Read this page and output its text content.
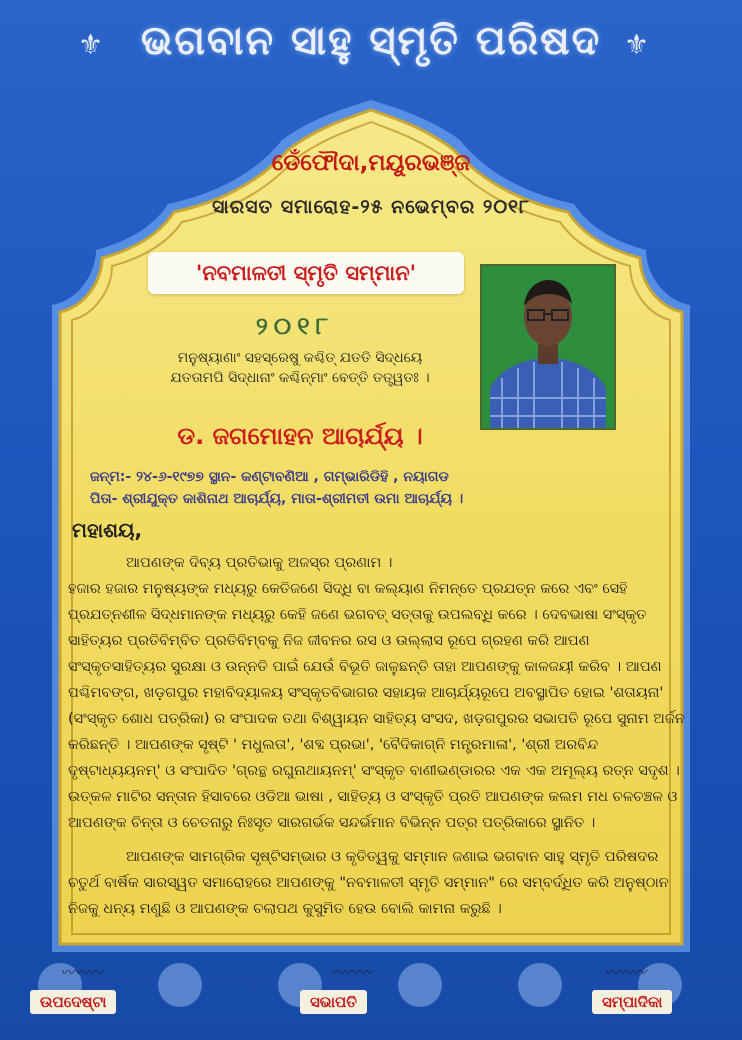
⚜	⚜
ଭଗବାନ ସାହୁ ସ୍ମୃତି ପରିଷଦ
ଡେଁଫୌଦା,ମୟୂରଭଞ୍ଜ
ସାରସତ ସମାରୋହ-୨୫ ନଭେମ୍ବର ୨୦୧୮
'ନବମାଳତୀ ସ୍ମୃତି ସମ୍ମାନ'
୨୦୧୮
ମନୁଷ୍ୟାଣାଂ ସହସ୍ରେଷୁ କଶ୍ଚିତ୍ ଯତତି ସିଦ୍ଧୟେ
ଯତତାମପି ସିଦ୍ଧାନାଂ କଶ୍ଚିନ୍ମାଂ ବେତ୍ତି ତତ୍ତ୍ୱତଃ ।
ଡ. ଜଗମୋହନ ଆଚାର୍ଯ୍ୟ ।
ଜନ୍ମ:- ୨୪-୬-୧୯୭୭ ସ୍ଥାନ- କଣ୍ଟାବଣିଆ , ଗମ୍ଭାରିଡିହି , ନୟାଗଡ
ପିତା- ଶ୍ରୀଯୁକ୍ତ କାଶିନାଥ ଆଚାର୍ଯ୍ୟ, ମାତା-ଶ୍ରୀମତୀ ଉମା ଆଚାର୍ଯ୍ୟ ।
ମହାଶୟ,

ଆପଣଙ୍କ ଦିବ୍ୟ ପ୍ରତିଭାକୁ ଅଜସ୍ର ପ୍ରଣାମ ।

ହଜାର ହଜାର ମନୁଷ୍ୟଙ୍କ ମଧ୍ୟରୁ କେତିଜଣେ ସିଦ୍ଧି ବା କଲ୍ୟାଣ ନିମନ୍ତେ ପ୍ରଯତ୍ନ କରେ ଏବଂ ସେହି ପ୍ରଯତ୍ନଶୀଳ ସିଦ୍ଧମାନଙ୍କ ମଧ୍ୟରୁ କେହି ଜଣେ ଭଗବତ୍ ସତ୍ତାକୁ ଉପଲବ୍ଧି କରେ । ଦେବଭାଷା ସଂସ୍କୃତ ସାହିତ୍ୟର ପ୍ରତିବିମ୍ବିତ ପ୍ରତିବିମ୍ବକୁ ନିଜ ଜୀବନର ରସ ଓ ଉଲ୍ଲାସ ରୂପେ ଗ୍ରହଣ କରି ଆପଣ ସଂସ୍କୃତସାହିତ୍ୟର ସୁରକ୍ଷା ଓ ଉନ୍ନତି ପାଇଁ ଯେଉଁ ବିଭୂତି ଜାଳୁଛନ୍ତି ତାହା ଆପଣଙ୍କୁ କାଳଜୟୀ କରିବ । ଆପଣ ପଶ୍ଚିମବଙ୍ଗ, ଖଡ଼ଗପୁର ମହାବିଦ୍ୟାଳୟ ସଂସ୍କୃତବିଭାଗର ସହାୟକ ଆଚାର୍ଯ୍ୟରୂପେ ଅବସ୍ଥାପିତ ହୋଇ 'ଶତାୟନା' (ସଂସ୍କୃତ ଶୋଧ ପତ୍ରିକା) ର ସଂପାଦକ ତଥା ବିଶ୍ୱାୟନ ସାହିତ୍ୟ ସଂସଦ, ଖଡ଼ଗପୁରର ସଭାପତି ରୂପେ ସୁନାମ ଅର୍ଜନ କରିଛନ୍ତି । ଆପଣଙ୍କ ସୃଷ୍ଟି ' ମଧୁଲତା', 'ଶବ୍ଦ ପ୍ରଭା', 'ବୈଦିକାଗ୍ନି ମନ୍ତ୍ରମାଳା', 'ଶ୍ରୀ ଅରବିନ୍ଦ ଦୃଷ୍ଟାଧ୍ୟୟନମ୍' ଓ ସଂପାଦିତ 'ଗ୍ରନ୍ଥ ରଘୁନାଥାୟନମ୍' ସଂସ୍କୃତ ବାଣୀଭଣ୍ଡାରର ଏକ ଏକ ଅମୂଲ୍ୟ ରତ୍ନ ସଦୃଶ । ଉତ୍କଳ ମାଟିର ସନ୍ତାନ ହିସାବରେ ଓଡିଆ ଭାଷା , ସାହିତ୍ୟ ଓ ସଂସ୍କୃତି ପ୍ରତି ଆପଣଙ୍କ କଲମ ମଧ ଚଳଚଞ୍ଚଳ ଓ ଆପଣଙ୍କ ଚିନ୍ତା ଓ ଚେତନାରୁ ନିଃସୃତ ସାରଗର୍ଭକ ସନ୍ଦର୍ଭମାନ ବିଭିନ୍ନ ପତ୍ର ପତ୍ରିକାରେ ସ୍ଥାନିତ ।

ଆପଣଙ୍କ ସାମଗ୍ରିକ ସୃଷ୍ଟିସମ୍ଭାର ଓ କୃତିତ୍ୱକୁ ସମ୍ମାନ ଜଣାଇ ଭଗବାନ ସାହୁ ସ୍ମୃତି ପରିଷଦର ଚତୁର୍ଥ ବାର୍ଷିକ ସାରସ୍ୱତ ସମାରୋହରେ ଆପଣଙ୍କୁ "ନବମାଳତୀ ସ୍ମୃତି ସମ୍ମାନ" ରେ ସମ୍ବର୍ଦ୍ଧିତ କରି ଅନୁଷ୍ଠାନ ନିଜକୁ ଧନ୍ୟ ମଣୁଛି ଓ ଆପଣଙ୍କ ଚଲାପଥ କୁସୁମିତ ହେଉ ବୋଲି କାମନା କରୁଛି ।

〰〰〰	〰〰〰	〰〰〰
ଉପଦେଷ୍ଟା	ସଭାପତି	ସମ୍ପାଦିକା
